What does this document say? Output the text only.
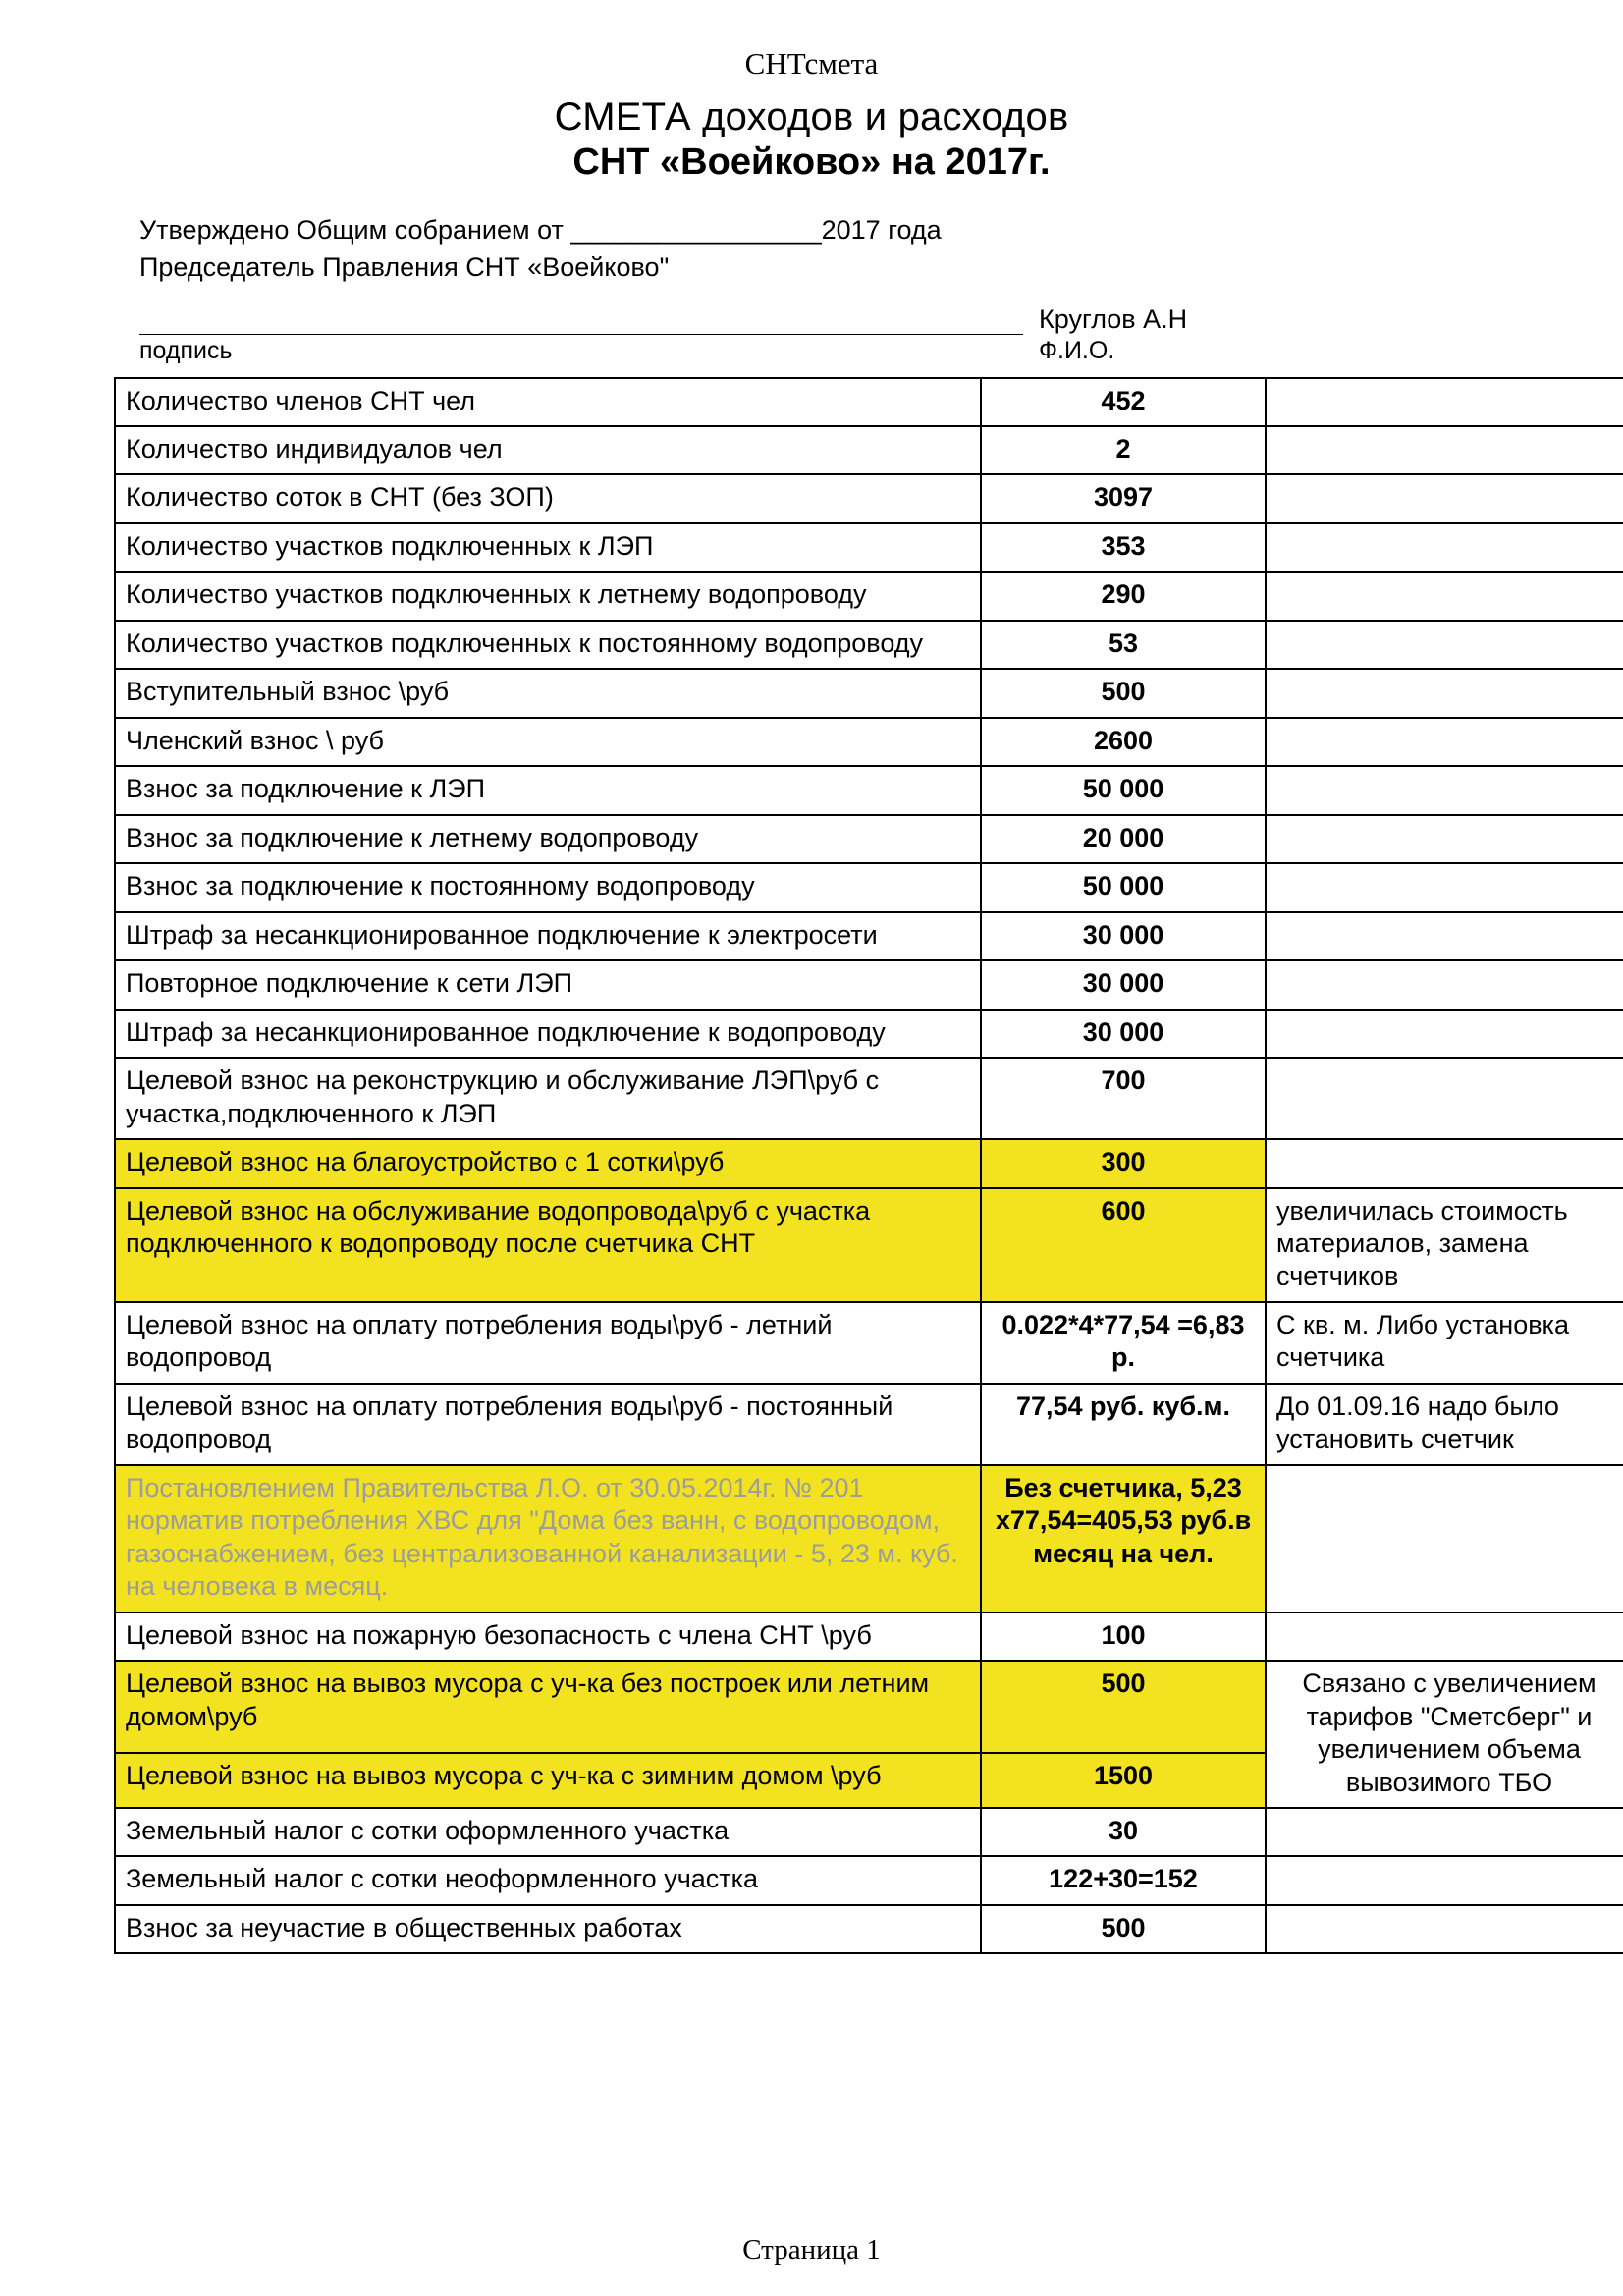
СНТсмета
СМЕТА доходов и расходов
СНТ «Воейково» на 2017г.
Утверждено Общим собранием от _________________2017 года
Председатель Правления СНТ «Воейково"
Круглов А.Н
подпись	Ф.И.О.
Количество членов СНТ чел	452	
Количество индивидуалов чел	2	
Количество соток в СНТ (без ЗОП)	3097	
Количество участков подключенных к ЛЭП	353	
Количество участков подключенных к летнему водопроводу	290	
Количество участков подключенных к постоянному водопроводу	53	
Вступительный взнос \руб	500	
Членский взнос \ руб	2600	
Взнос за подключение к ЛЭП	50 000	
Взнос за подключение к летнему водопроводу	20 000	
Взнос за подключение к постоянному водопроводу	50 000	
Штраф за несанкционированное подключение к электросети	30 000	
Повторное подключение к сети ЛЭП	30 000	
Штраф за несанкционированное подключение к водопроводу	30 000	
Целевой взнос на реконструкцию и обслуживание ЛЭП\руб с участка,подключенного к ЛЭП	700	
Целевой взнос на благоустройство с 1 сотки\руб	300	
Целевой взнос на обслуживание водопровода\руб с участка подключенного к водопроводу после счетчика СНТ	600	увеличилась стоимость материалов, замена счетчиков
Целевой взнос на оплату потребления воды\руб - летний водопровод	0.022*4*77,54 =6,83 р.	С кв. м. Либо установка счетчика
Целевой взнос на оплату потребления воды\руб - постоянный водопровод	77,54 руб. куб.м.	До 01.09.16 надо было установить счетчик
Постановлением Правительства Л.О. от 30.05.2014г. № 201 норматив потребления ХВС для "Дома без ванн, с водопроводом, газоснабжением, без централизованной канализации - 5, 23 м. куб. на человека в месяц.	Без счетчика, 5,23 х77,54=405,53 руб.в месяц на чел.	
Целевой взнос на пожарную безопасность с члена СНТ \руб	100	
Целевой взнос на вывоз мусора с уч-ка без построек или летним домом\руб	500	Связано с увеличением тарифов "Сметсберг" и увеличением объема вывозимого ТБО
Целевой взнос на вывоз мусора с уч-ка с зимним домом \руб	1500	
Земельный налог с сотки оформленного участка	30	
Земельный налог с сотки неоформленного участка	122+30=152	
Взнос за неучастие в общественных работах	500	
Страница 1
